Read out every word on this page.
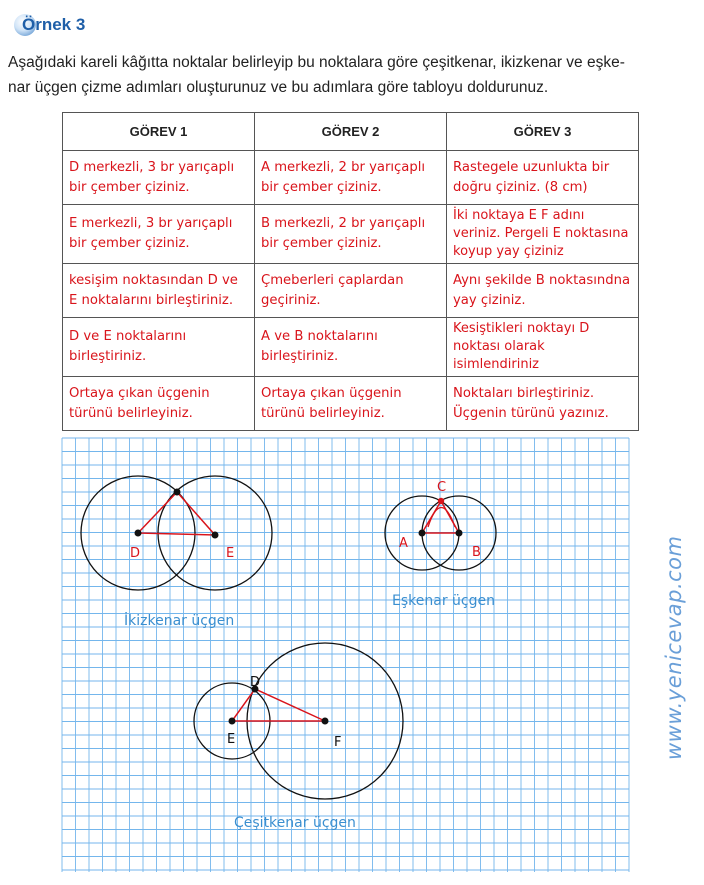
Örnek 3
Aşağıdaki kareli kâğıtta noktalar belirleyip bu noktalara göre çeşitkenar, ikizkenar ve eşke-
nar üçgen çizme adımları oluşturunuz ve bu adımlara göre tabloyu doldurunuz.
GÖREV 1	GÖREV 2	GÖREV 3
D merkezli, 3 br yarıçaplı bir çember çiziniz.	A merkezli, 2 br yarıçaplı bir çember çiziniz.	Rastegele uzunlukta bir doğru çiziniz. (8 cm)
E merkezli, 3 br yarıçaplı bir çember çiziniz.	B merkezli, 2 br yarıçaplı bir çember çiziniz.	İki noktaya E F adını veriniz. Pergeli E noktasına koyup yay çiziniz
kesişim noktasından D ve E noktalarını birleştiriniz.	Çmeberleri çaplardan geçiriniz.	Aynı şekilde B noktasındna yay çiziniz.
D ve E noktalarını birleştiriniz.	A ve B noktalarını birleştiriniz.	Kesiştikleri noktayı D noktası olarak isimlendiriniz
Ortaya çıkan üçgenin türünü belirleyiniz.	Ortaya çıkan üçgenin türünü belirleyiniz.	Noktaları birleştiriniz. Üçgenin türünü yazınız.
D	E
İkizkenar üçgen
C
A
B
Eşkenar üçgen
D
E	F
Çeşitkenar üçgen
www.yenicevap.com
